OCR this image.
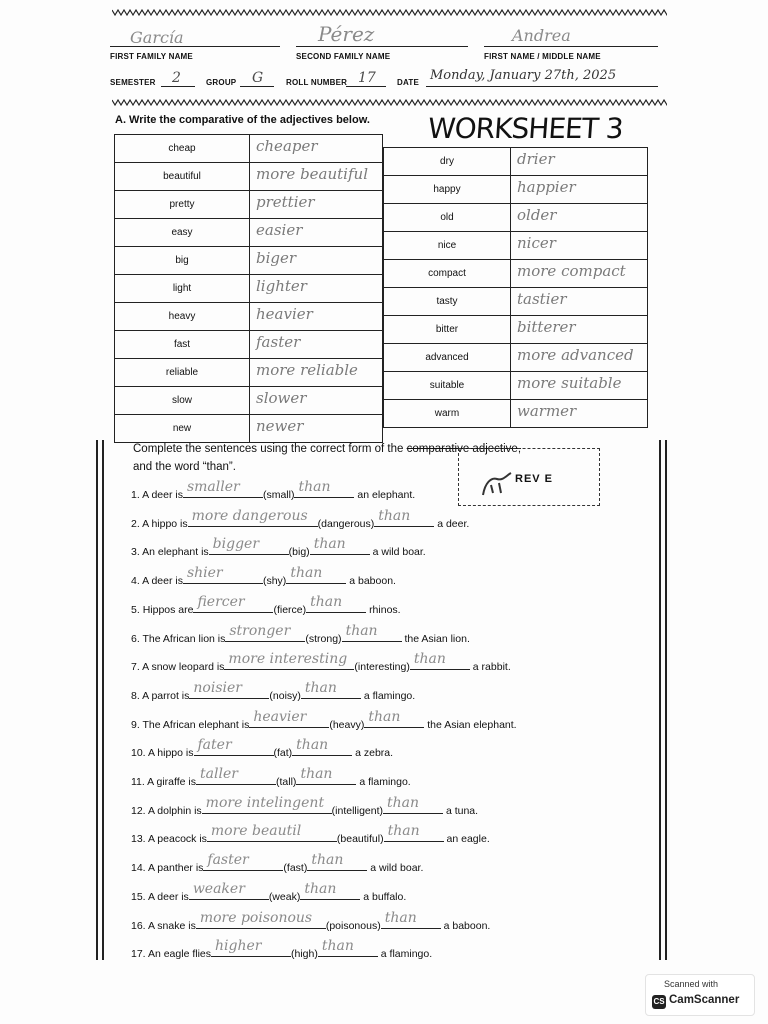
García
FIRST FAMILY NAME
Pérez
SECOND FAMILY NAME
Andrea
FIRST NAME / MIDDLE NAME
SEMESTER 2	GROUP G	ROLL NUMBER 17	DATE Monday, January 27th, 2025
A. Write the comparative of the adjectives below. WORKSHEET 3
cheap	cheaper

beautiful	more beautiful

pretty	prettier

easy	easier

big	biger

light	lighter

heavy	heavier

fast	faster

reliable	more reliable

slow	slower

new	newer
dry	drier

happy	happier

old	older

nice	nicer

compact	more compact

tasty	tastier

bitter	bitterer

advanced	more advanced

suitable	more suitable

warm	warmer
Complete the sentences using the correct form of the comparative adjective,
and the word “than”.
REV E
1. A deer is smaller (small) than	an elephant.
2. A hippo is more dangerous (dangerous) than	a deer.
3. An elephant is bigger	(big) than	a wild boar.
4. A deer is shier	(shy) than	a baboon.
5. Hippos are fiercer	(fierce) than	rhinos.
6. The African lion is stronger (strong) than	the Asian lion.
7. A snow leopard is more interesting (interesting) than	a rabbit.
8. A parrot is noisier	(noisy) than	a flamingo.
9. The African elephant is heavier (heavy) than	the Asian elephant.
10. A hippo is fater	(fat) than	a zebra.
11. A giraffe is taller	(tall) than	a flamingo.
12. A dolphin is more intelingent (intelligent) than	a tuna.
13. A peacock is more beautil	(beautiful) than	an eagle.
14. A panther is faster	(fast) than	a wild boar.
15. A deer is weaker (weak) than	a buffalo.
16. A snake is more poisonous (poisonous) than	a baboon.
17. An eagle flies higher	(high) than	a flamingo.
Scanned with
CS CamScanner
